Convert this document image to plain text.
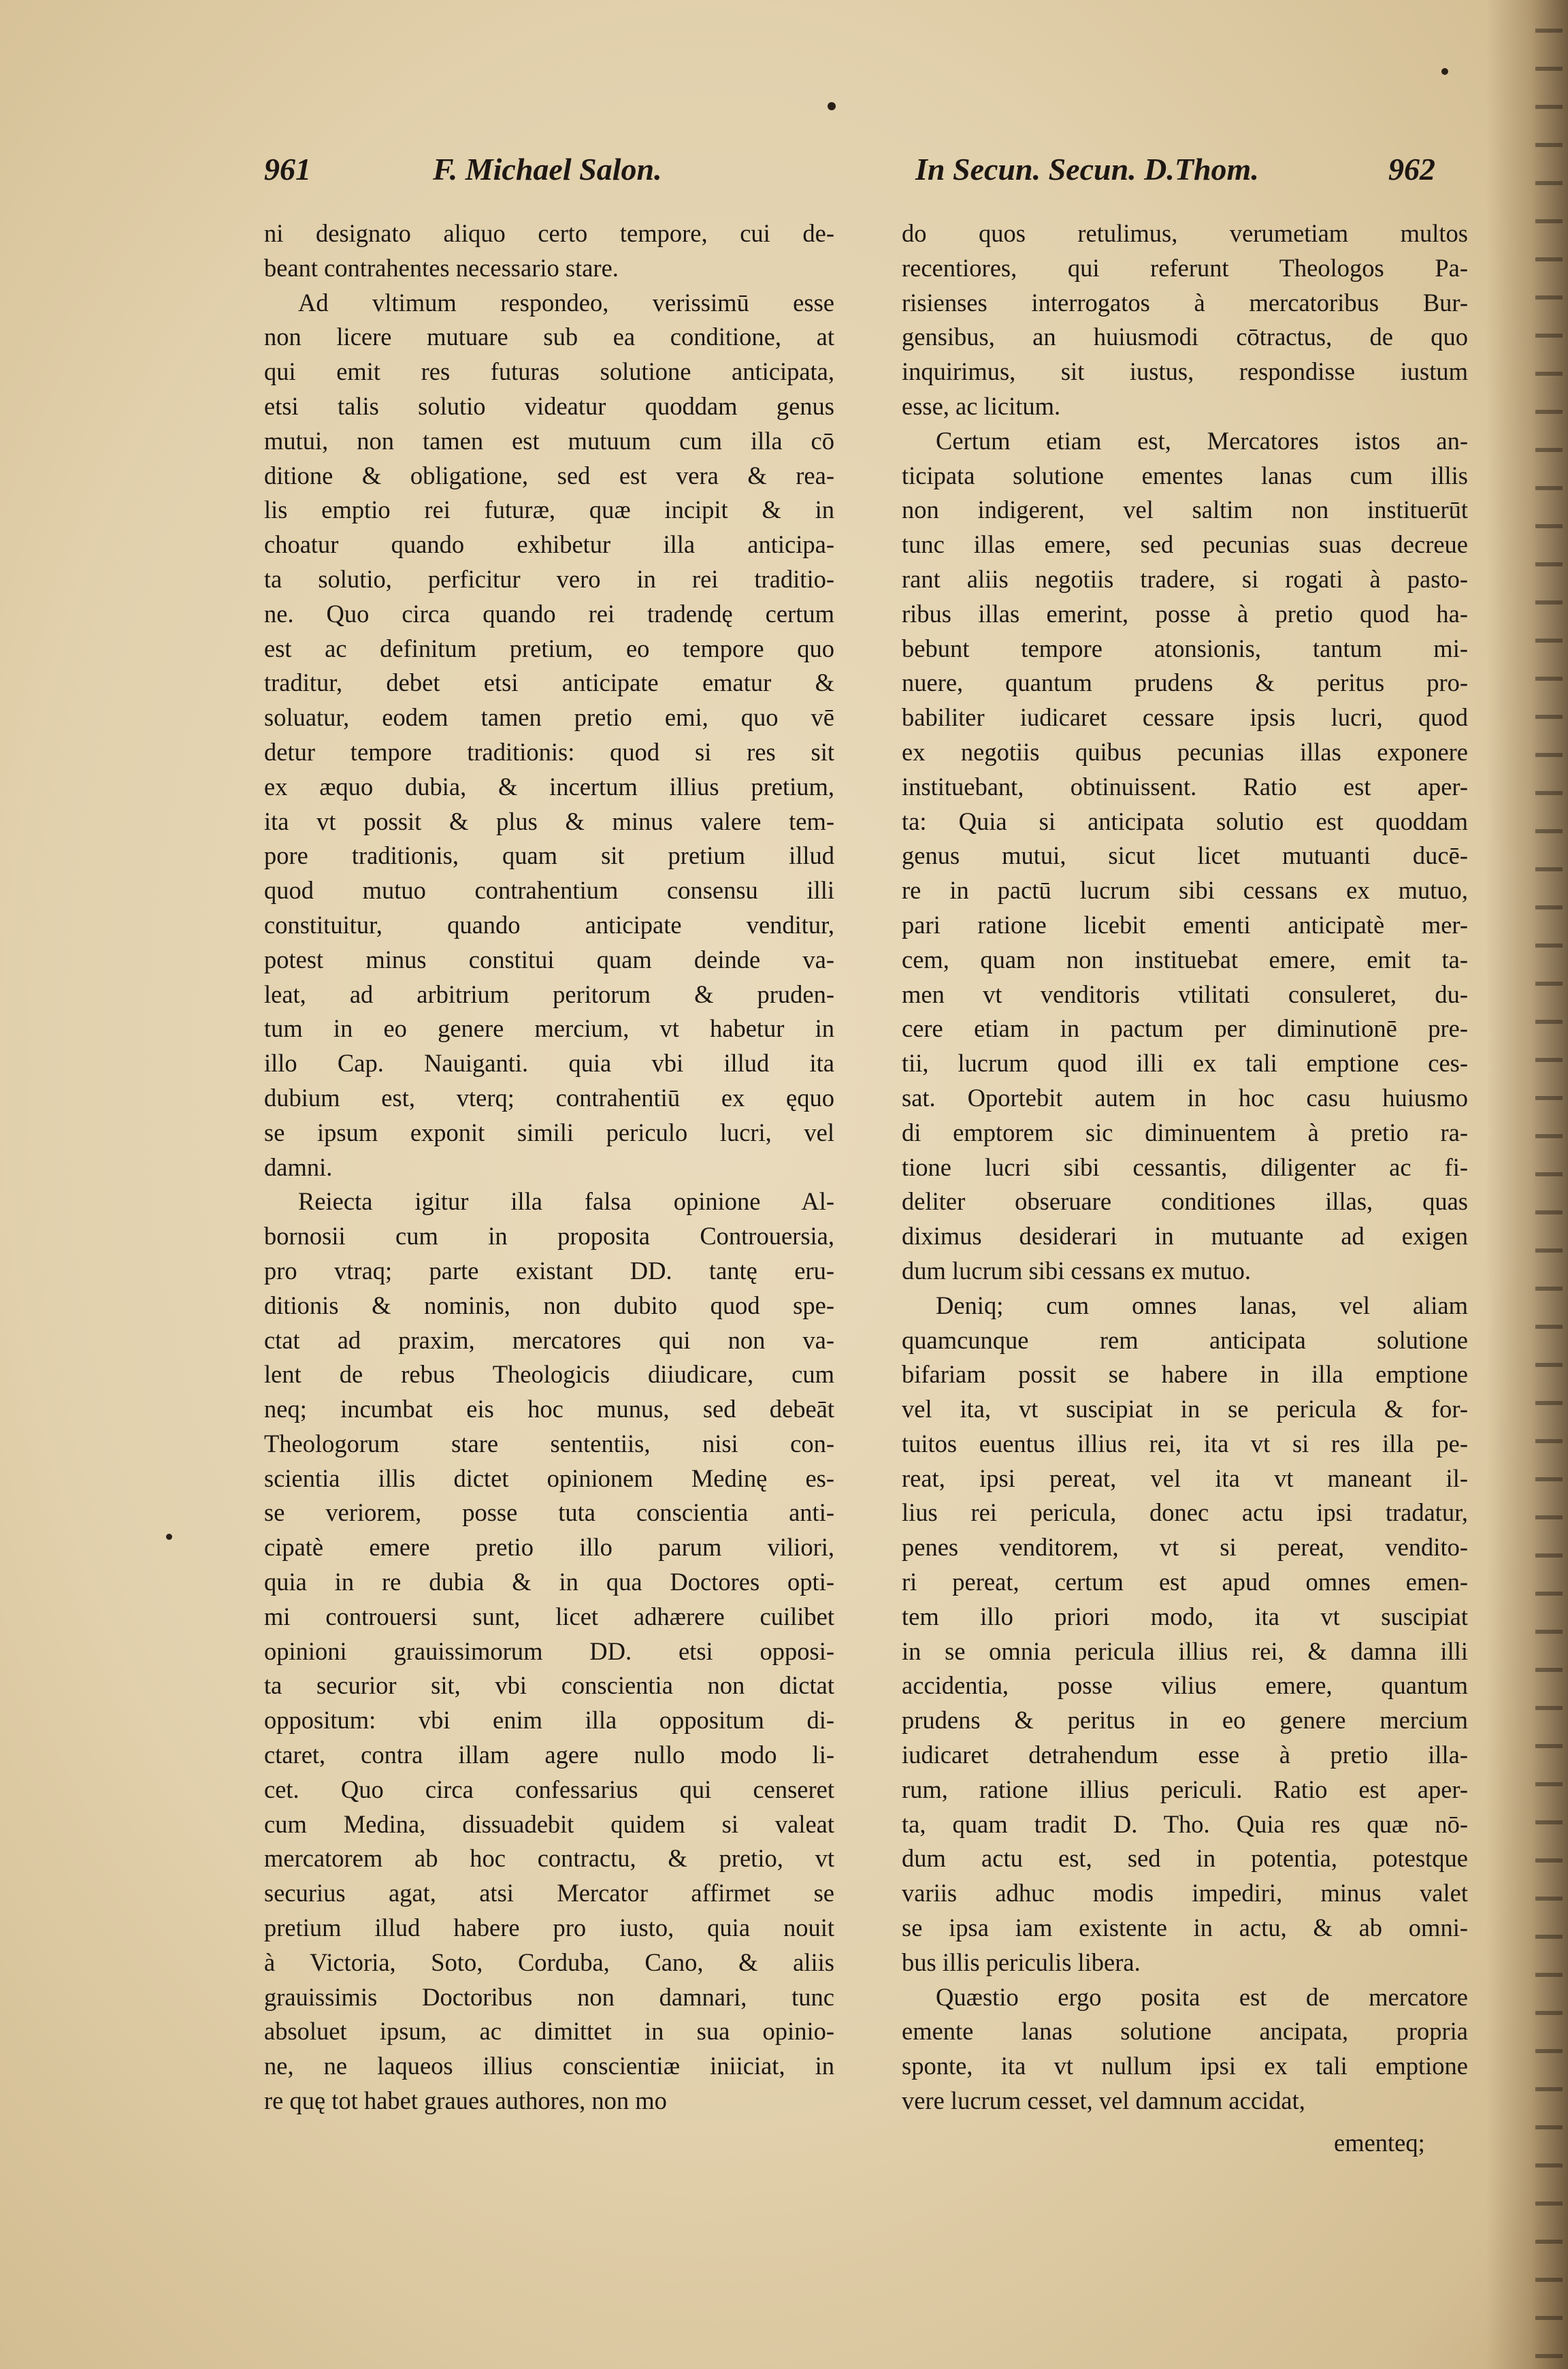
961	F. Michael Salon.	In Secun. Secun. D.Thom.	962
ni designato aliquo certo tempore, cui de-
beant contrahentes necessario stare.
Ad vltimum respondeo, verissimū esse
non licere mutuare sub ea conditione, at
qui emit res futuras solutione anticipata,
etsi talis solutio videatur quoddam genus
mutui, non tamen est mutuum cum illa cō
ditione & obligatione, sed est vera & rea-
lis emptio rei futuræ, quæ incipit & in
choatur quando exhibetur illa anticipa-
ta solutio, perficitur vero in rei traditio-
ne. Quo circa quando rei tradendę certum
est ac definitum pretium, eo tempore quo
traditur, debet etsi anticipate ematur &
soluatur, eodem tamen pretio emi, quo vē
detur tempore traditionis: quod si res sit
ex æquo dubia, & incertum illius pretium,
ita vt possit & plus & minus valere tem-
pore traditionis, quam sit pretium illud
quod mutuo contrahentium consensu illi
constituitur, quando anticipate venditur,
potest minus constitui quam deinde va-
leat, ad arbitrium peritorum & pruden-
tum in eo genere mercium, vt habetur in
illo Cap. Nauiganti. quia vbi illud ita
dubium est, vterq; contrahentiū ex ęquo
se ipsum exponit simili periculo lucri, vel
damni.
Reiecta igitur illa falsa opinione Al-
bornosii cum in proposita Controuersia,
pro vtraq; parte existant DD. tantę eru-
ditionis & nominis, non dubito quod spe-
ctat ad praxim, mercatores qui non va-
lent de rebus Theologicis diiudicare, cum
neq; incumbat eis hoc munus, sed debeāt
Theologorum stare sententiis, nisi con-
scientia illis dictet opinionem Medinę es-
se veriorem, posse tuta conscientia anti-
cipatè emere pretio illo parum viliori,
quia in re dubia & in qua Doctores opti-
mi controuersi sunt, licet adhærere cuilibet
opinioni grauissimorum DD. etsi opposi-
ta securior sit, vbi conscientia non dictat
oppositum: vbi enim illa oppositum di-
ctaret, contra illam agere nullo modo li-
cet. Quo circa confessarius qui censeret
cum Medina, dissuadebit quidem si valeat
mercatorem ab hoc contractu, & pretio, vt
securius agat, atsi Mercator affirmet se
pretium illud habere pro iusto, quia nouit
à Victoria, Soto, Corduba, Cano, & aliis
grauissimis Doctoribus non damnari, tunc
absoluet ipsum, ac dimittet in sua opinio-
ne, ne laqueos illius conscientiæ iniiciat, in
re quę tot habet graues authores, non mo
do quos retulimus, verumetiam multos
recentiores, qui referunt Theologos Pa-
risienses interrogatos à mercatoribus Bur-
gensibus, an huiusmodi cōtractus, de quo
inquirimus, sit iustus, respondisse iustum
esse, ac licitum.
Certum etiam est, Mercatores istos an-
ticipata solutione ementes lanas cum illis
non indigerent, vel saltim non instituerūt
tunc illas emere, sed pecunias suas decreue
rant aliis negotiis tradere, si rogati à pasto-
ribus illas emerint, posse à pretio quod ha-
bebunt tempore atonsionis, tantum mi-
nuere, quantum prudens & peritus pro-
babiliter iudicaret cessare ipsis lucri, quod
ex negotiis quibus pecunias illas exponere
instituebant, obtinuissent. Ratio est aper-
ta: Quia si anticipata solutio est quoddam
genus mutui, sicut licet mutuanti ducē-
re in pactū lucrum sibi cessans ex mutuo,
pari ratione licebit ementi anticipatè mer-
cem, quam non instituebat emere, emit ta-
men vt venditoris vtilitati consuleret, du-
cere etiam in pactum per diminutionē pre-
tii, lucrum quod illi ex tali emptione ces-
sat. Oportebit autem in hoc casu huiusmo
di emptorem sic diminuentem à pretio ra-
tione lucri sibi cessantis, diligenter ac fi-
deliter obseruare conditiones illas, quas
diximus desiderari in mutuante ad exigen
dum lucrum sibi cessans ex mutuo.
Deniq; cum omnes lanas, vel aliam
quamcunque rem anticipata solutione
bifariam possit se habere in illa emptione
vel ita, vt suscipiat in se pericula & for-
tuitos euentus illius rei, ita vt si res illa pe-
reat, ipsi pereat, vel ita vt maneant il-
lius rei pericula, donec actu ipsi tradatur,
penes venditorem, vt si pereat, vendito-
ri pereat, certum est apud omnes emen-
tem illo priori modo, ita vt suscipiat
in se omnia pericula illius rei, & damna illi
accidentia, posse vilius emere, quantum
prudens & peritus in eo genere mercium
iudicaret detrahendum esse à pretio illa-
rum, ratione illius periculi. Ratio est aper-
ta, quam tradit D. Tho. Quia res quæ nō-
dum actu est, sed in potentia, potestque
variis adhuc modis impediri, minus valet
se ipsa iam existente in actu, & ab omni-
bus illis periculis libera.
Quæstio ergo posita est de mercatore
emente lanas solutione ancipata, propria
sponte, ita vt nullum ipsi ex tali emptione
vere lucrum cesset, vel damnum accidat,
ementeq;
